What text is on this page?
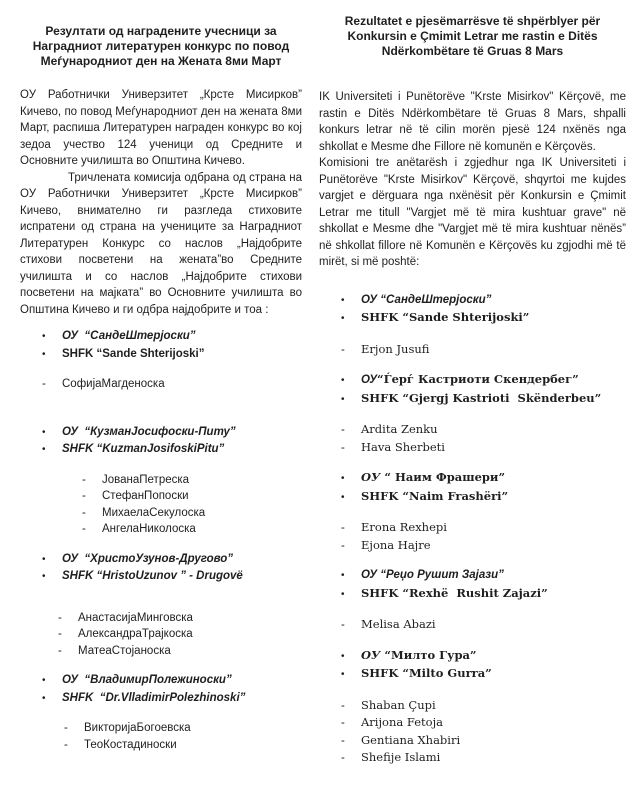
Резултати од наградените учесници за Наградниот литературен конкурс по повод Меѓународниот ден на Жената 8ми Март

ОУ Работнички Универзитет „Крсте Мисирков” Кичево, по повод Меѓународниот ден на жената 8ми Март, распиша Литературен награден конкурс во кој зедоа учество 124 ученици од Средните и Основните училишта во Општина Кичево.

Тричлената комисија одбрана од страна на ОУ Работнички Универзитет „Крсте Мисирков” Кичево, внимателно ги разгледа стиховите испратени од страна на учениците за Наградниот Литературен Конкурс со наслов „Најдобрите стихови посветени на жената”во Средните училишта и со наслов „Најдобрите стихови посветени на мајката” во Основните училишта во Општина Кичево и ги одбра најдобрите и тоа :

•	ОУ  “СандеШтерјоски”
•	SHFK “Sande Shterijoski”
-	СофијаМагденоска
•	ОУ  “КузманЈосифоски-Питу”
•	SHFK “KuzmanJosifoskiPitu”
-	ЈованаПетреска
-	СтефанПопоски
-	МихаелаСекулоска
-	АнгелаНиколоска
•	ОУ  “ХристоУзунов-Другово”
•	SHFK “HristoUzunov ” - Drugovë
-	АнастасијаМинговска
-	АлександраТрајкоска
-	МатеаСтојаноска
•	ОУ  “ВладимирПолежиноски”
•	SHFK  “Dr.VlladimirPolezhinoski”
-	ВикторијаБогоевска
-	ТеоКостадиноски
Rezultatet e pjesëmarrësve të shpërblyer për Konkursin e Çmimit Letrar me rastin e Ditës Ndërkombëtare të Gruas 8 Mars

IK Universiteti i Punëtorëve "Krste Misirkov" Kërçovë, me rastin e Ditës Ndërkombëtare të Gruas 8 Mars, shpalli konkurs letrar në të cilin morën pjesë 124 nxënës nga shkollat e Mesme dhe Fillore në komunën e Kërçovës.

Komisioni tre anëtarësh i zgjedhur nga IK Universiteti i Punëtorëve "Krste Misirkov" Kërçovë, shqyrtoi me kujdes vargjet e dërguara nga nxënësit për Konkursin e Çmimit Letrar me titull "Vargjet më të mira kushtuar grave" në shkollat e Mesme dhe "Vargjet më të mira kushtuar nënës” në shkollat fillore në Komunën e Kërçovës ku zgjodhi më të mirët, si më poshtë:

•	ОУ “СандеШтерјоски”
•	SHFK “Sande Shterijoski”
-	Erjon Jusufi
•	ОУ “Ѓерѓ Кастриоти Скендербег”
•	SHFK “Gjergj Kastrioti  Skënderbeu”
-	Ardita Zenku
-	Hava Sherbeti
•	ОУ “ Наим Фрашери”
•	SHFK “Naim Frashëri”
-	Erona Rexhepi
-	Ejona Hajre
•	ОУ “Реџо Рушит Зајази”
•	SHFK “Rexhë  Rushit Zajazi”
-	Melisa Abazi
•	ОУ “Милто Гура”
•	SHFK “Milto Gurra”
-	Shaban Çupi
-	Arijona Fetoja
-	Gentiana Xhabiri
-	Shefije Islami
